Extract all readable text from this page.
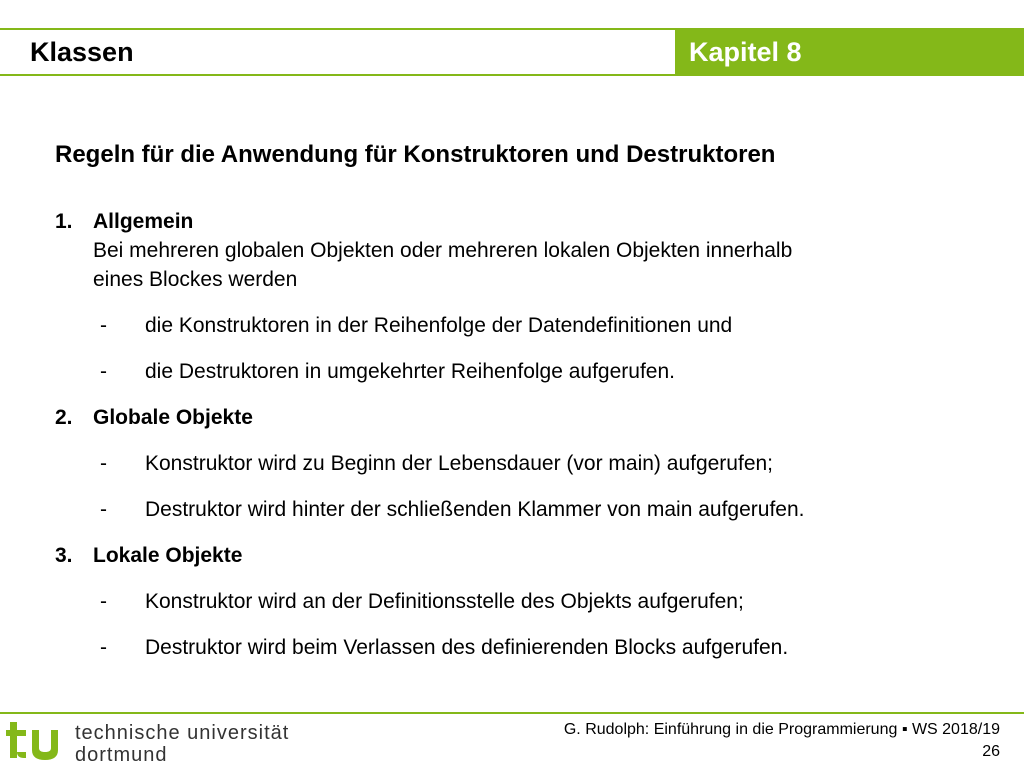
Klassen	Kapitel 8
Regeln für die Anwendung für Konstruktoren und Destruktoren
1. Allgemein
Bei mehreren globalen Objekten oder mehreren lokalen Objekten innerhalb
eines Blockes werden
-	die Konstruktoren in der Reihenfolge der Datendefinitionen und
-	die Destruktoren in umgekehrter Reihenfolge aufgerufen.
2. Globale Objekte
-	Konstruktor wird zu Beginn der Lebensdauer (vor main) aufgerufen;
-	Destruktor wird hinter der schließenden Klammer von main aufgerufen.
3. Lokale Objekte
-	Konstruktor wird an der Definitionsstelle des Objekts aufgerufen;
-	Destruktor wird beim Verlassen des definierenden Blocks aufgerufen.
technische universität
dortmund
G. Rudolph: Einführung in die Programmierung ▪ WS 2018/19
26
